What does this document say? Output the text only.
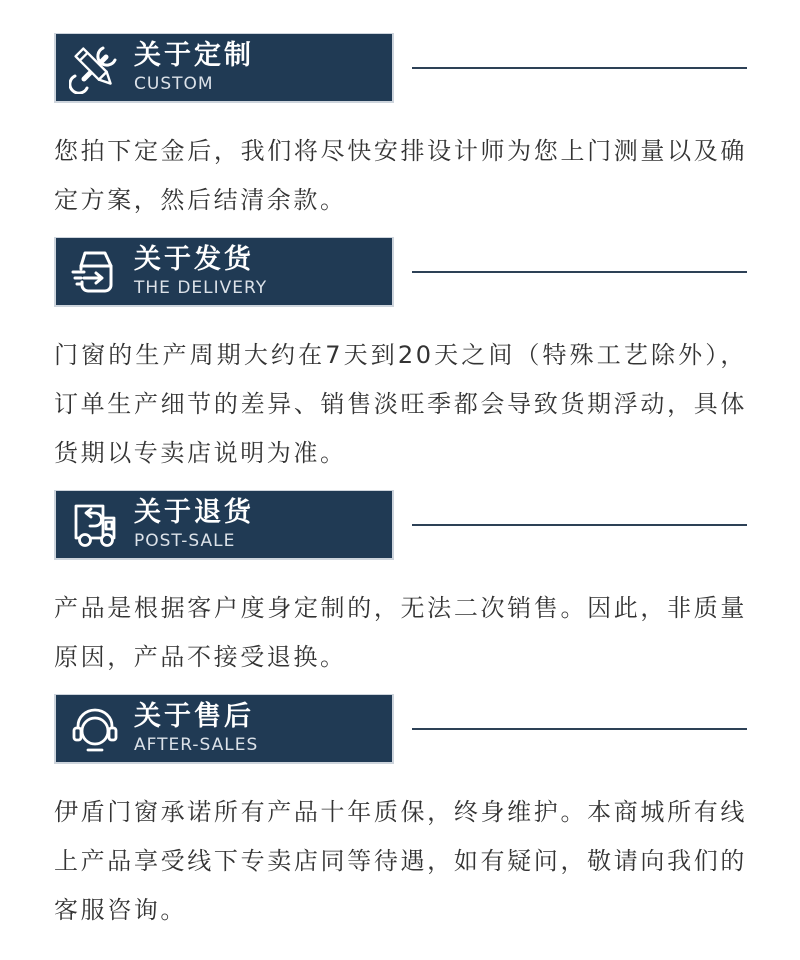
关于定制
CUSTOM

您拍下定金后，我们将尽快安排设计师为您上门测量以及确定方案，然后结清余款。

关于发货
THE DELIVERY

门窗的生产周期大约在7天到20天之间（特殊工艺除外），订单生产细节的差异、销售淡旺季都会导致货期浮动，具体货期以专卖店说明为准。

关于退货
POST-SALE

产品是根据客户度身定制的，无法二次销售。因此，非质量原因，产品不接受退换。

关于售后
AFTER-SALES

伊盾门窗承诺所有产品十年质保，终身维护。本商城所有线上产品享受线下专卖店同等待遇，如有疑问，敬请向我们的客服咨询。
